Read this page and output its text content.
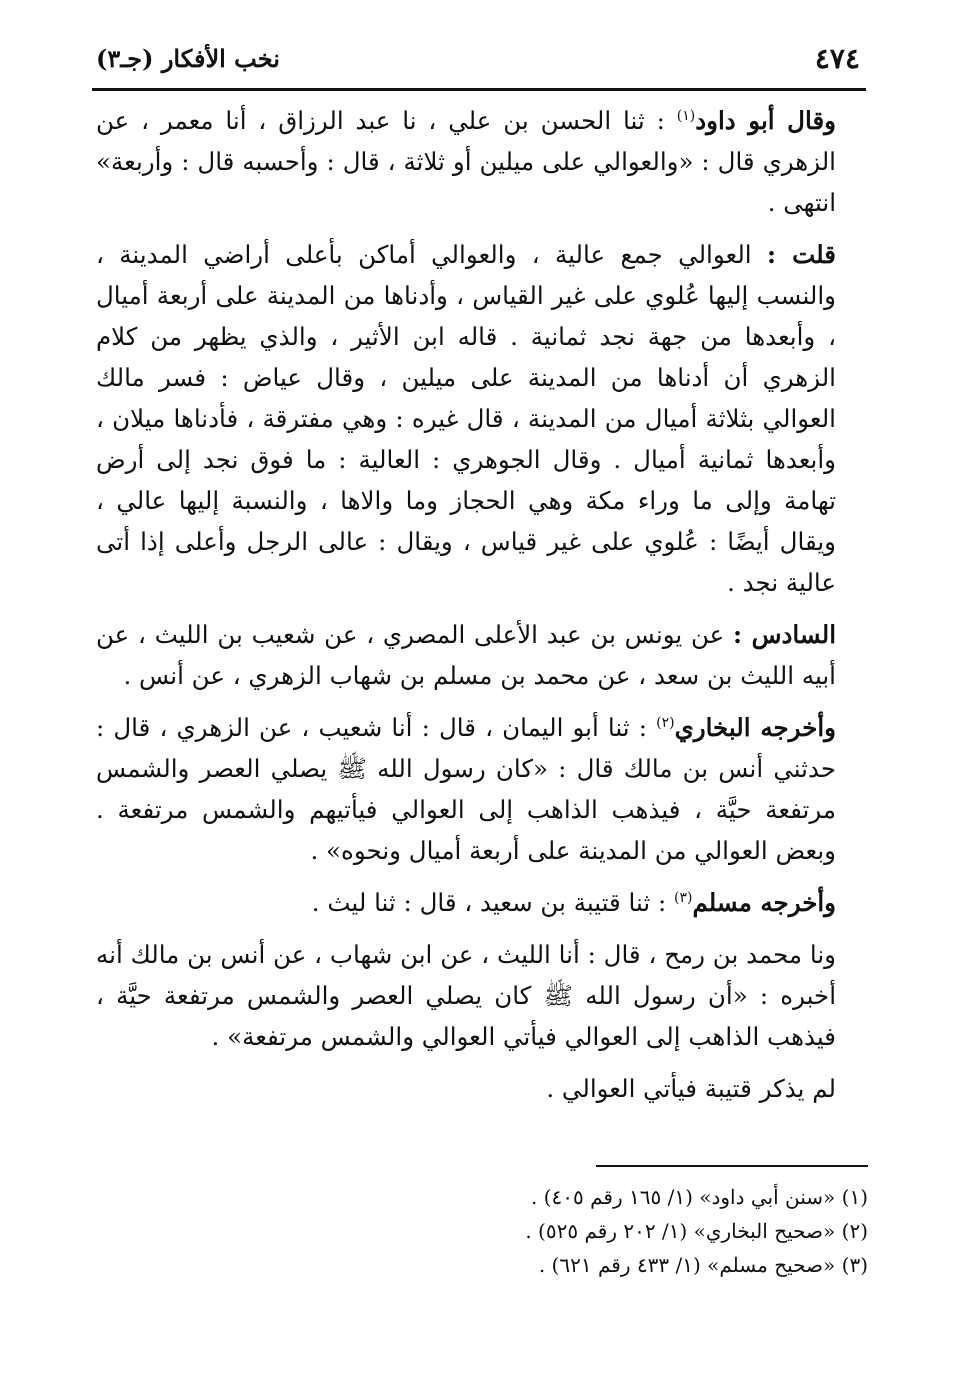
٤٧٤
نخب الأفكار (جـ٣)

وقال أبو داود$^{(١)}$ : ثنا الحسن بن علي ، نا عبد الرزاق ، أنا معمر ، عن الزهري قال : «والعوالي على ميلين أو ثلاثة ، قال : وأحسبه قال : وأربعة» انتهى .

قلت : العوالي جمع عالية ، والعوالي أماكن بأعلى أراضي المدينة ، والنسب إليها عُلوي على غير القياس ، وأدناها من المدينة على أربعة أميال ، وأبعدها من جهة نجد ثمانية . قاله ابن الأثير ، والذي يظهر من كلام الزهري أن أدناها من المدينة على ميلين ، وقال عياض : فسر مالك العوالي بثلاثة أميال من المدينة ، قال غيره : وهي مفترقة ، فأدناها ميلان ، وأبعدها ثمانية أميال . وقال الجوهري : العالية : ما فوق نجد إلى أرض تهامة وإلى ما وراء مكة وهي الحجاز وما والاها ، والنسبة إليها عالي ، ويقال أيضًا : عُلوي على غير قياس ، ويقال : عالى الرجل وأعلى إذا أتى عالية نجد .

السادس : عن يونس بن عبد الأعلى المصري ، عن شعيب بن الليث ، عن أبيه الليث بن سعد ، عن محمد بن مسلم بن شهاب الزهري ، عن أنس .

وأخرجه البخاري$^{(٢)}$ : ثنا أبو اليمان ، قال : أنا شعيب ، عن الزهري ، قال : حدثني أنس بن مالك قال : «كان رسول الله ﷺ يصلي العصر والشمس مرتفعة حيَّة ، فيذهب الذاهب إلى العوالي فيأتيهم والشمس مرتفعة . وبعض العوالي من المدينة على أربعة أميال ونحوه» .

وأخرجه مسلم$^{(٣)}$ : ثنا قتيبة بن سعيد ، قال : ثنا ليث .

ونا محمد بن رمح ، قال : أنا الليث ، عن ابن شهاب ، عن أنس بن مالك أنه أخبره : «أن رسول الله ﷺ كان يصلي العصر والشمس مرتفعة حيَّة ، فيذهب الذاهب إلى العوالي فيأتي العوالي والشمس مرتفعة» .

لم يذكر قتيبة فيأتي العوالي .

(١) «سنن أبي داود» (١/ ١٦٥ رقم ٤٠٥) .
(٢) «صحيح البخاري» (١/ ٢٠٢ رقم ٥٢٥) .
(٣) «صحيح مسلم» (١/ ٤٣٣ رقم ٦٢١) .
